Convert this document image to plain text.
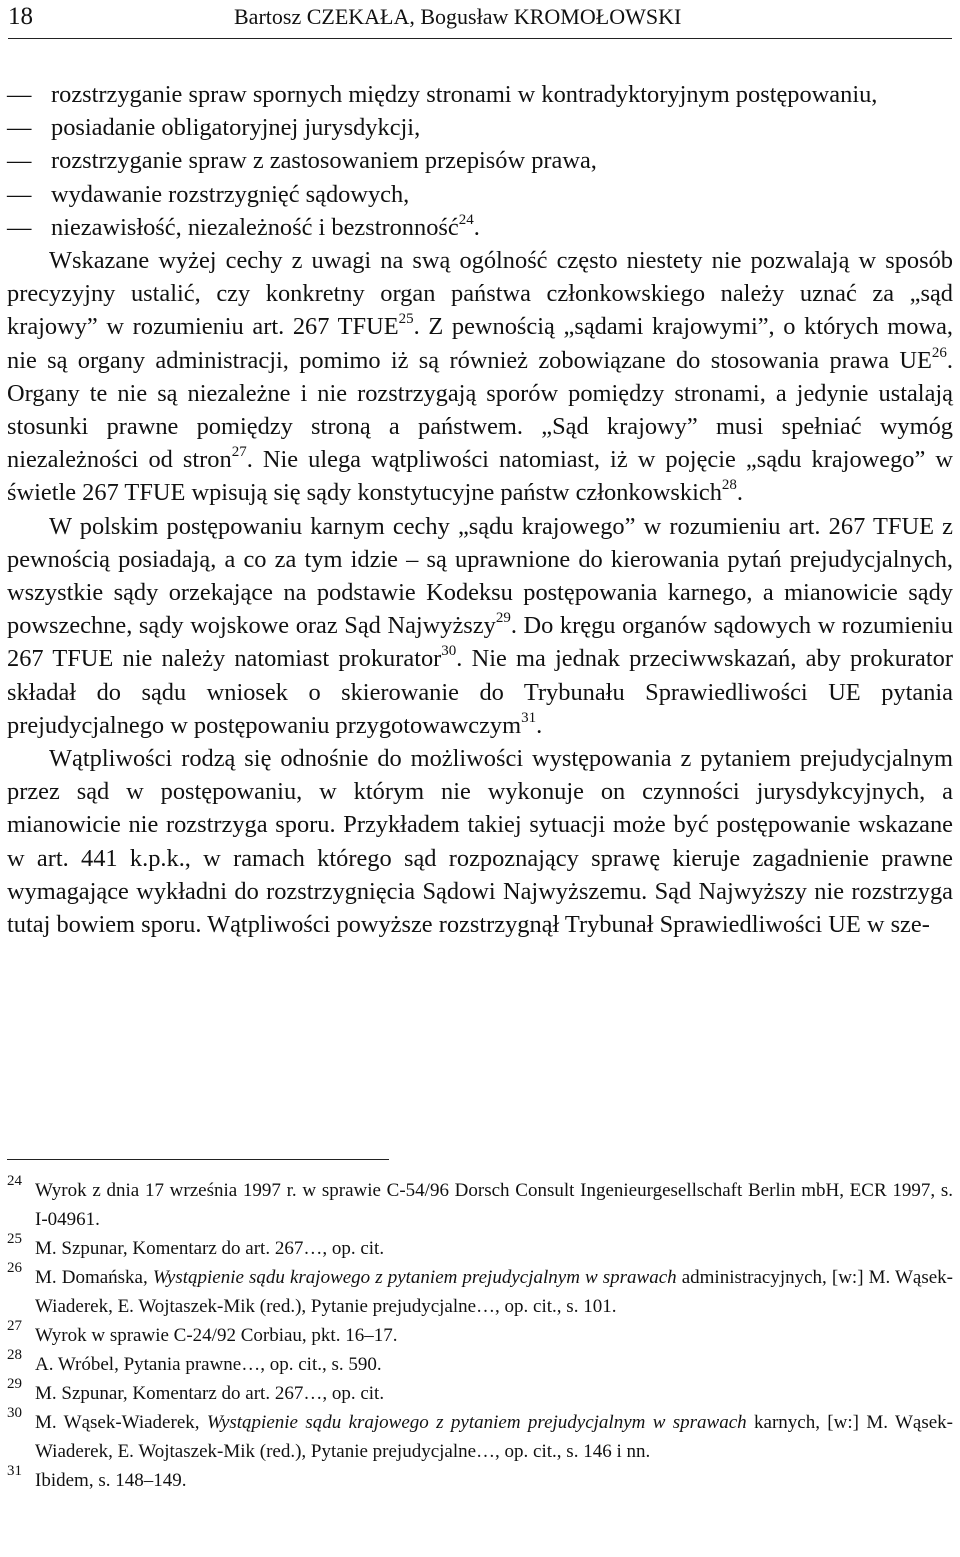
18	Bartosz CZEKAŁA, Bogusław KROMOŁOWSKI
— rozstrzyganie spraw spornych między stronami w kontradyktoryjnym postępowaniu,
— posiadanie obligatoryjnej jurysdykcji,
— rozstrzyganie spraw z zastosowaniem przepisów prawa,
— wydawanie rozstrzygnięć sądowych,
— niezawisłość, niezależność i bezstronność$^{24}$.

Wskazane wyżej cechy z uwagi na swą ogólność często niestety nie pozwalają w sposób precyzyjny ustalić, czy konkretny organ państwa członkowskiego należy uznać za „sąd krajowy” w rozumieniu art. 267 TFUE$^{25}$. Z pewnością „sądami krajowymi”, o których mowa, nie są organy administracji, pomimo iż są również zobowiązane do stosowania prawa UE$^{26}$. Organy te nie są niezależne i nie rozstrzygają sporów pomiędzy stronami, a jedynie ustalają stosunki prawne pomiędzy stroną a państwem. „Sąd krajowy” musi spełniać wymóg niezależności od stron$^{27}$. Nie ulega wątpliwości natomiast, iż w pojęcie „sądu krajowego” w świetle 267 TFUE wpisują się sądy konstytucyjne państw członkowskich$^{28}$.

W polskim postępowaniu karnym cechy „sądu krajowego” w rozumieniu art. 267 TFUE z pewnością posiadają, a co za tym idzie – są uprawnione do kierowania pytań prejudycjalnych, wszystkie sądy orzekające na podstawie Kodeksu postępowania karnego, a mianowicie sądy powszechne, sądy wojskowe oraz Sąd Najwyższy$^{29}$. Do kręgu organów sądowych w rozumieniu 267 TFUE nie należy natomiast prokurator$^{30}$. Nie ma jednak przeciwwskazań, aby prokurator składał do sądu wniosek o skierowanie do Trybunału Sprawiedliwości UE pytania prejudycjalnego w postępowaniu przygotowawczym$^{31}$.

Wątpliwości rodzą się odnośnie do możliwości występowania z pytaniem prejudycjalnym przez sąd w postępowaniu, w którym nie wykonuje on czynności jurysdykcyjnych, a mianowicie nie rozstrzyga sporu. Przykładem takiej sytuacji może być postępowanie wskazane w art. 441 k.p.k., w ramach którego sąd rozpoznający sprawę kieruje zagadnienie prawne wymagające wykładni do rozstrzygnięcia Sądowi Najwyższemu. Sąd Najwyższy nie rozstrzyga tutaj bowiem sporu. Wątpliwości powyższe rozstrzygnął Trybunał Sprawiedliwości UE w sze-

24 Wyrok z dnia 17 września 1997 r. w sprawie C-54/96 Dorsch Consult Ingenieurgesellschaft Berlin mbH, ECR 1997, s. I-04961.
25 M. Szpunar, Komentarz do art. 267…, op. cit.
26 M. Domańska, Wystąpienie sądu krajowego z pytaniem prejudycjalnym w sprawach administracyjnych, [w:] M. Wąsek-Wiaderek, E. Wojtaszek-Mik (red.), Pytanie prejudycjalne…, op. cit., s. 101.
27 Wyrok w sprawie C-24/92 Corbiau, pkt. 16–17.
28 A. Wróbel, Pytania prawne…, op. cit., s. 590.
29 M. Szpunar, Komentarz do art. 267…, op. cit.
30 M. Wąsek-Wiaderek, Wystąpienie sądu krajowego z pytaniem prejudycjalnym w sprawach karnych, [w:] M. Wąsek-Wiaderek, E. Wojtaszek-Mik (red.), Pytanie prejudycjalne…, op. cit., s. 146 i nn.
31 Ibidem, s. 148–149.
